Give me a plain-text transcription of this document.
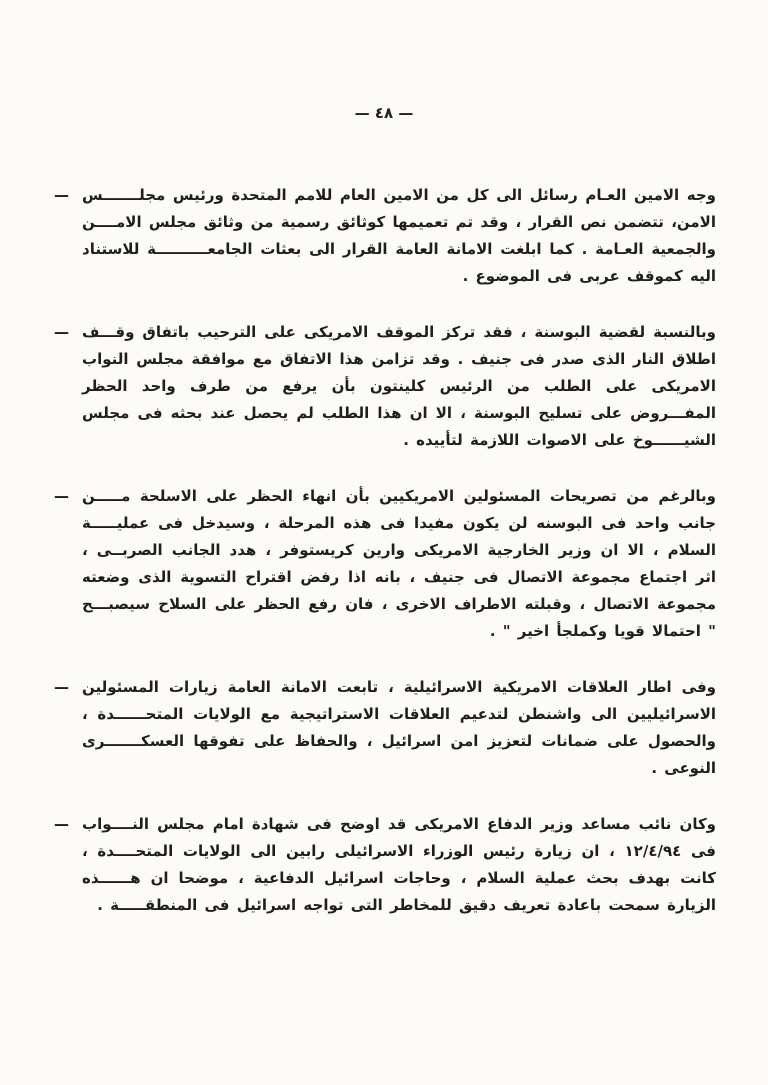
— ٤٨ —
— وجه الامين العـام رسائل الى كل من الامين العام للامم المتحدة ورئيس مجلـــــــس الامن، تتضمن نص القرار ، وقد تم تعميمها كوثائق رسمية من وثائق مجلس الامــــن والجمعية العـامة . كما ابلغت الامانة العامة القرار الى بعثات الجامعــــــــــة للاستناد اليه كموقف عربى فى الموضوع .
— وبالنسبة لقضية البوسنة ، فقد تركز الموقف الامريكى على الترحيب باتفاق وقـــف اطلاق النار الذى صدر فى جنيف . وقد تزامن هذا الاتفاق مع موافقة مجلس النواب الامريكى على الطلب من الرئيس كلينتون بأن يرفع من طرف واحد الحظر المفـــروض على تسليح البوسنة ، الا ان هذا الطلب لم يحصل عند بحثه فى مجلس الشيــــــوخ على الاصوات اللازمة لتأييده .
— وبالرغم من تصريحات المسئولين الامريكيين بأن انهاء الحظر على الاسلحة مـــــن جانب واحد فى البوسنه لن يكون مفيدا فى هذه المرحلة ، وسيدخل فى عمليـــــة السلام ، الا ان وزير الخارجية الامريكى وارين كريستوفر ، هدد الجانب الصربــى ، اثر اجتماع مجموعة الاتصال فى جنيف ، بانه اذا رفض اقتراح التسوية الذى وضعته مجموعة الاتصال ، وقبلته الاطراف الاخرى ، فان رفع الحظر على السلاح سيصبـــح " احتمالا قويا وكملجأ اخير " .
— وفى اطار العلاقات الامريكية الاسرائيلية ، تابعت الامانة العامة زيارات المسئولين الاسرائيليين الى واشنطن لتدعيم العلاقات الاستراتيجية مع الولايات المتحــــــدة ، والحصول على ضمانات لتعزيز امن اسرائيل ، والحفاظ على تفوقها العسكـــــــرى النوعى .
— وكان نائب مساعد وزير الدفاع الامريكى قد اوضح فى شهادة امام مجلس النــــواب فى ١٢/٤/٩٤ ، ان زيارة رئيس الوزراء الاسرائيلى رابين الى الولايات المتحــــدة ، كانت بهدف بحث عملية السلام ، وحاجات اسرائيل الدفاعية ، موضحا ان هــــــذه الزيارة سمحت باعادة تعريف دقيق للمخاطر التى تواجه اسرائيل فى المنطقـــــة .
